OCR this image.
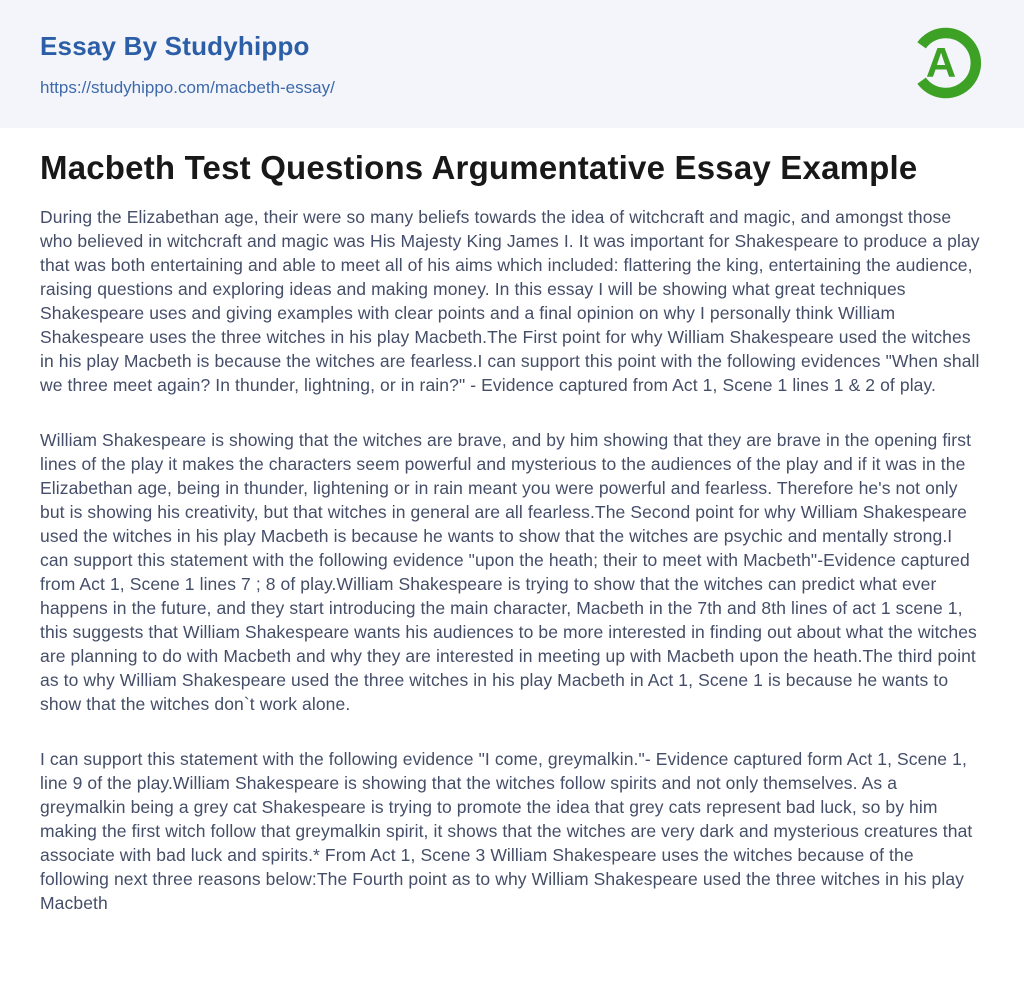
Essay By Studyhippo
https://studyhippo.com/macbeth-essay/
A
Macbeth Test Questions Argumentative Essay Example

During the Elizabethan age, their were so many beliefs towards the idea of witchcraft and magic, and amongst those who believed in witchcraft and magic was His Majesty King James I. It was important for Shakespeare to produce a play that was both entertaining and able to meet all of his aims which included: flattering the king, entertaining the audience, raising questions and exploring ideas and making money. In this essay I will be showing what great techniques Shakespeare uses and giving examples with clear points and a final opinion on why I personally think William Shakespeare uses the three witches in his play Macbeth.The First point for why William Shakespeare used the witches in his play Macbeth is because the witches are fearless.I can support this point with the following evidences "When shall we three meet again? In thunder, lightning, or in rain?" - Evidence captured from Act 1, Scene 1 lines 1 & 2 of play.

William Shakespeare is showing that the witches are brave, and by him showing that they are brave in the opening first lines of the play it makes the characters seem powerful and mysterious to the audiences of the play and if it was in the Elizabethan age, being in thunder, lightening or in rain meant you were powerful and fearless. Therefore he's not only but is showing his creativity, but that witches in general are all fearless.The Second point for why William Shakespeare used the witches in his play Macbeth is because he wants to show that the witches are psychic and mentally strong.I can support this statement with the following evidence "upon the heath; their to meet with Macbeth"-Evidence captured from Act 1, Scene 1 lines 7 ; 8 of play.William Shakespeare is trying to show that the witches can predict what ever happens in the future, and they start introducing the main character, Macbeth in the 7th and 8th lines of act 1 scene 1, this suggests that William Shakespeare wants his audiences to be more interested in finding out about what the witches are planning to do with Macbeth and why they are interested in meeting up with Macbeth upon the heath.The third point as to why William Shakespeare used the three witches in his play Macbeth in Act 1, Scene 1 is because he wants to show that the witches don`t work alone.

I can support this statement with the following evidence "I come, greymalkin."- Evidence captured form Act 1, Scene 1, line 9 of the play.William Shakespeare is showing that the witches follow spirits and not only themselves. As a greymalkin being a grey cat Shakespeare is trying to promote the idea that grey cats represent bad luck, so by him making the first witch follow that greymalkin spirit, it shows that the witches are very dark and mysterious creatures that associate with bad luck and spirits.* From Act 1, Scene 3 William Shakespeare uses the witches because of the following next three reasons below:The Fourth point as to why William Shakespeare used the three witches in his play Macbeth
